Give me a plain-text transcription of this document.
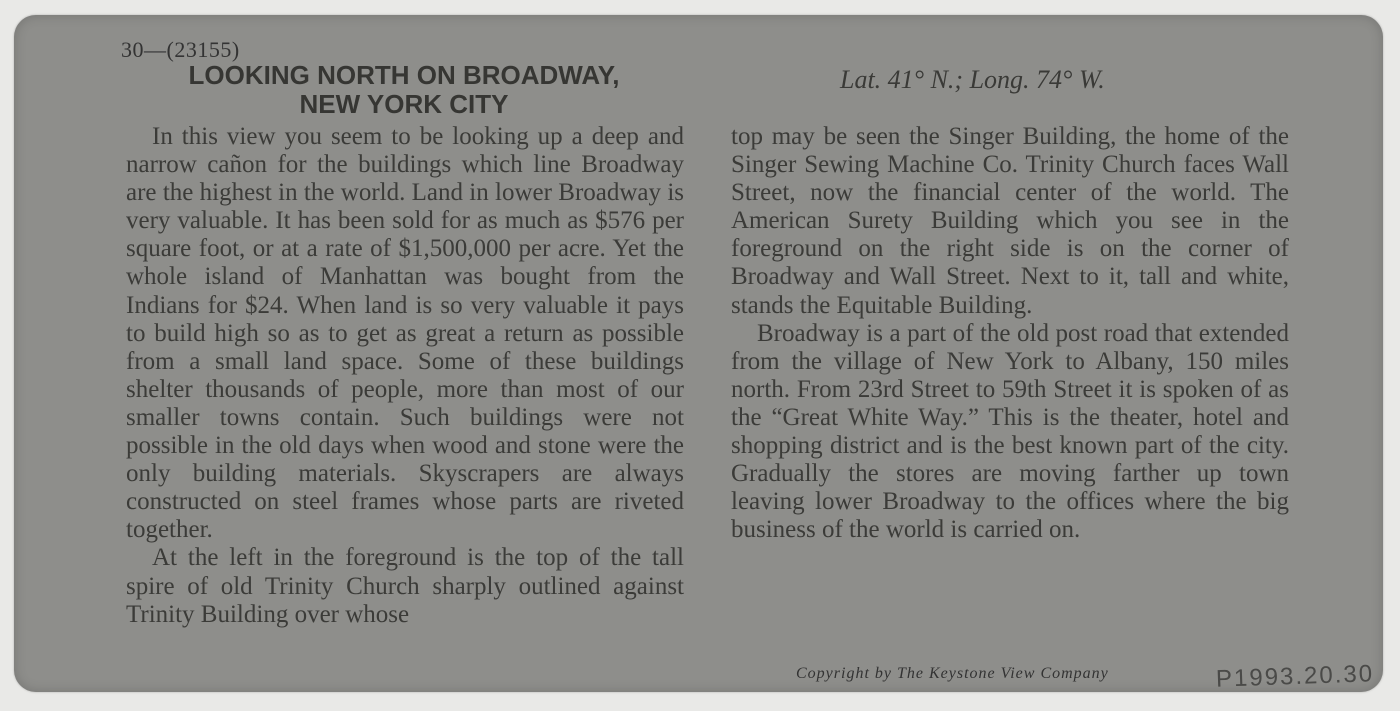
30—(23155)
LOOKING NORTH ON BROADWAY,
NEW YORK CITY
Lat. 41° N.; Long. 74° W.

In this view you seem to be looking up a deep and narrow cañon for the buildings which line Broadway are the highest in the world. Land in lower Broadway is very valuable. It has been sold for as much as $576 per square foot, or at a rate of $1,500,000 per acre. Yet the whole island of Manhattan was bought from the Indians for $24. When land is so very valuable it pays to build high so as to get as great a return as possible from a small land space. Some of these buildings shelter thousands of people, more than most of our smaller towns contain. Such buildings were not possible in the old days when wood and stone were the only building materials. Skyscrapers are always constructed on steel frames whose parts are riveted together.

At the left in the foreground is the top of the tall spire of old Trinity Church sharply outlined against Trinity Building over whose

top may be seen the Singer Building, the home of the Singer Sewing Machine Co. Trinity Church faces Wall Street, now the financial center of the world. The American Surety Building which you see in the foreground on the right side is on the corner of Broadway and Wall Street. Next to it, tall and white, stands the Equitable Building.

Broadway is a part of the old post road that extended from the village of New York to Albany, 150 miles north. From 23rd Street to 59th Street it is spoken of as the “Great White Way.” This is the theater, hotel and shopping district and is the best known part of the city. Gradually the stores are moving farther up town leaving lower Broadway to the offices where the big business of the world is carried on.

Copyright by The Keystone View Company	P1993.20.30
